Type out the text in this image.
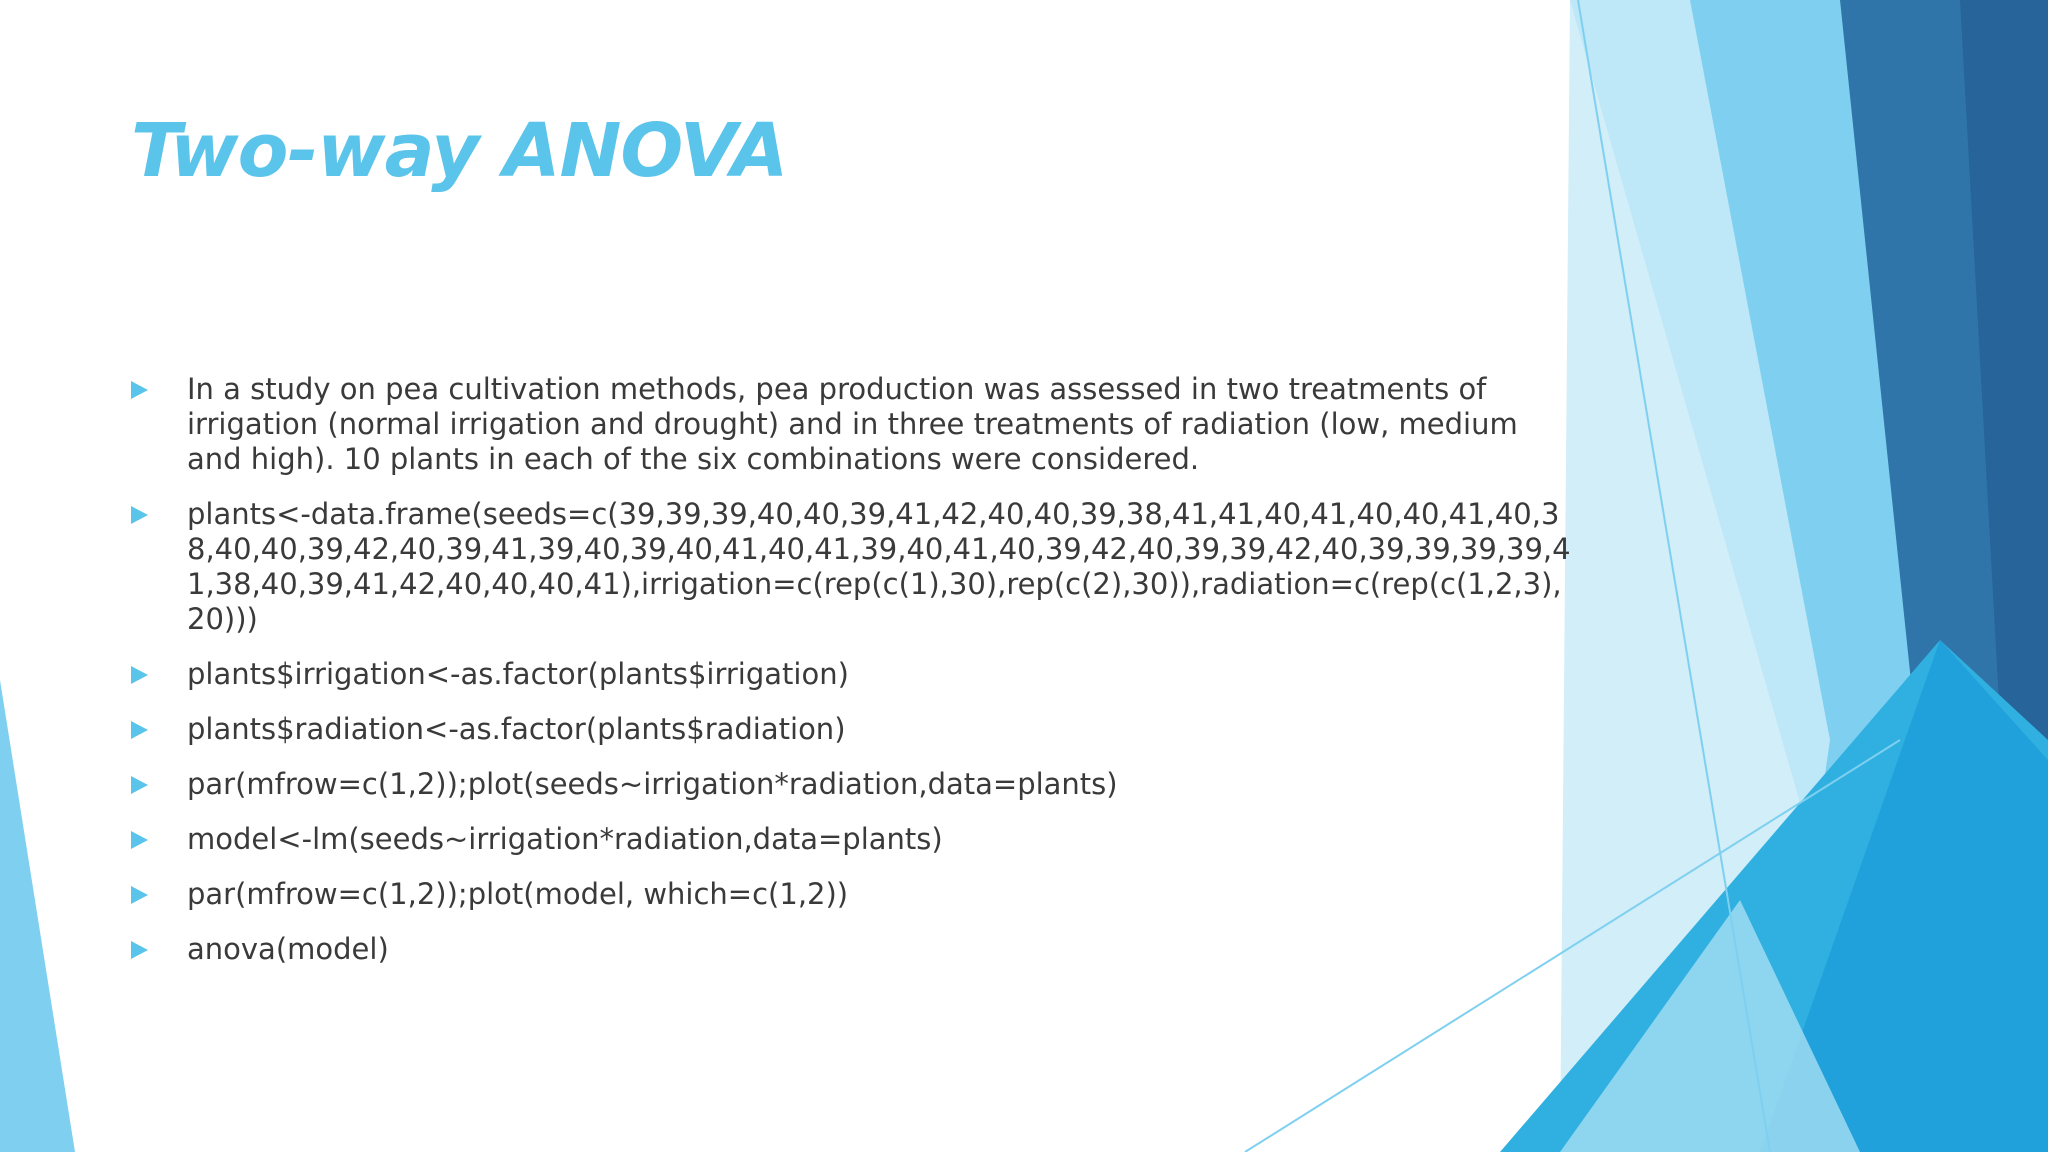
Two-way ANOVA
In a study on pea cultivation methods, pea production was assessed in two treatments of irrigation (normal irrigation and drought) and in three treatments of radiation (low, medium and high). 10 plants in each of the six combinations were considered.
plants<-data.frame(seeds=c(39,39,39,40,40,39,41,42,40,40,39,38,41,41,40,41,40,40,41,40,38,40,40,39,42,40,39,41,39,40,39,40,41,40,41,39,40,41,40,39,42,40,39,39,42,40,39,39,39,39,41,38,40,39,41,42,40,40,40,41),irrigation=c(rep(c(1),30),rep(c(2),30)),radiation=c(rep(c(1,2,3),20)))
plants$irrigation<-as.factor(plants$irrigation)
plants$radiation<-as.factor(plants$radiation)
par(mfrow=c(1,2));plot(seeds~irrigation*radiation,data=plants)
model<-lm(seeds~irrigation*radiation,data=plants)
par(mfrow=c(1,2));plot(model, which=c(1,2))
anova(model)
